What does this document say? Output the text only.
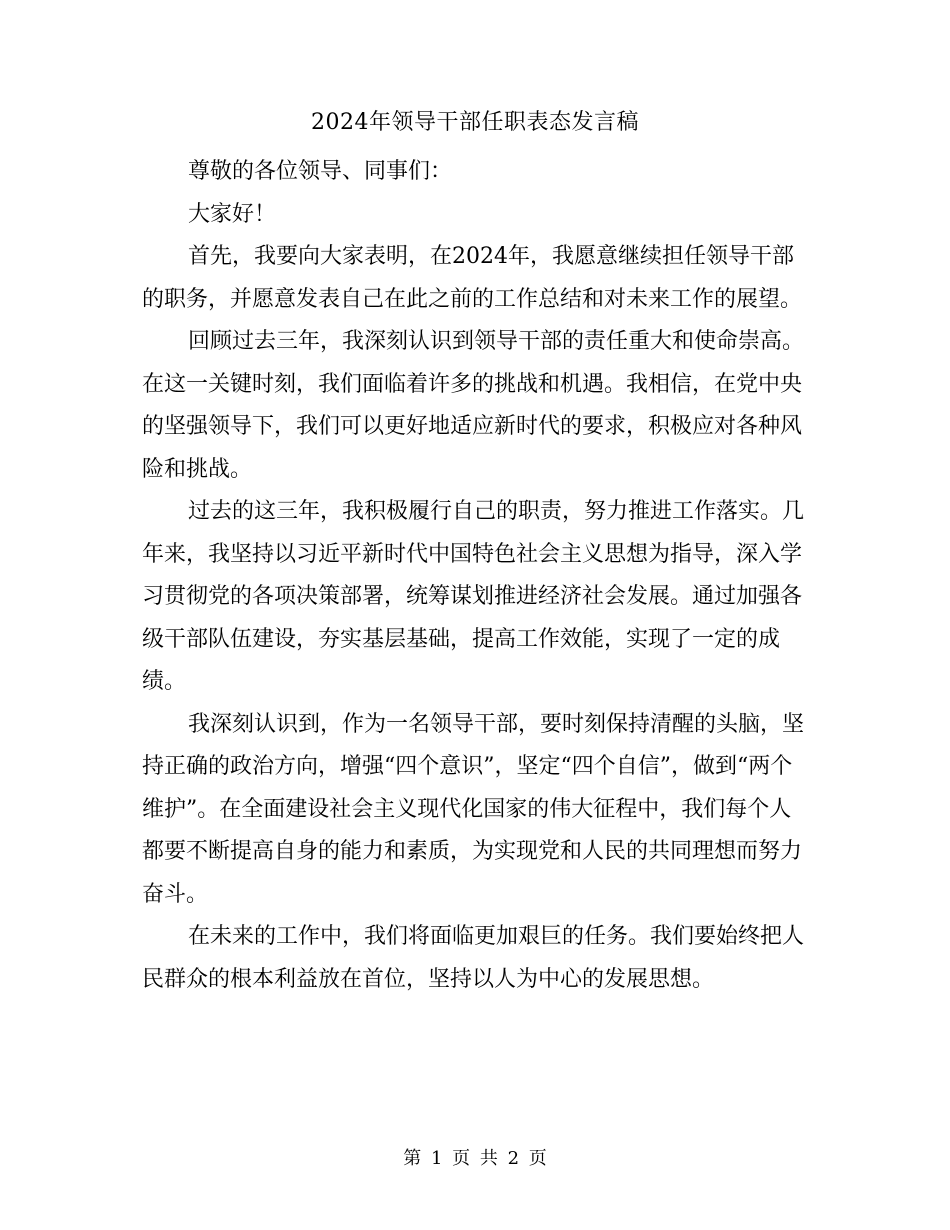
2024年领导干部任职表态发言稿

尊敬的各位领导、同事们：

大家好！

首先，我要向大家表明，在2024年，我愿意继续担任领导干部的职务，并愿意发表自己在此之前的工作总结和对未来工作的展望。

回顾过去三年，我深刻认识到领导干部的责任重大和使命崇高。在这一关键时刻，我们面临着许多的挑战和机遇。我相信，在党中央的坚强领导下，我们可以更好地适应新时代的要求，积极应对各种风险和挑战。

过去的这三年，我积极履行自己的职责，努力推进工作落实。几年来，我坚持以习近平新时代中国特色社会主义思想为指导，深入学习贯彻党的各项决策部署，统筹谋划推进经济社会发展。通过加强各级干部队伍建设，夯实基层基础，提高工作效能，实现了一定的成绩。

我深刻认识到，作为一名领导干部，要时刻保持清醒的头脑，坚持正确的政治方向，增强“四个意识”，坚定“四个自信”，做到“两个维护”。在全面建设社会主义现代化国家的伟大征程中，我们每个人都要不断提高自身的能力和素质，为实现党和人民的共同理想而努力奋斗。

在未来的工作中，我们将面临更加艰巨的任务。我们要始终把人民群众的根本利益放在首位，坚持以人为中心的发展思想。

第 1 页 共 2 页
